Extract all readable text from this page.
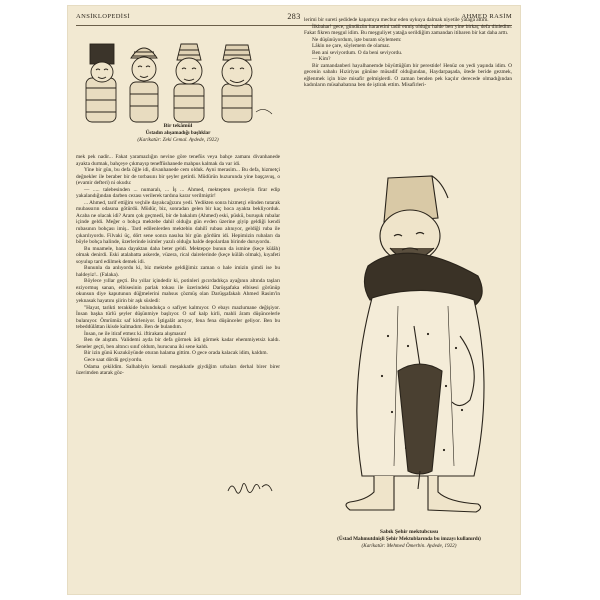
ANSİKLOPEDİSİ	283	AHMED RASİM
Bir tekâmül
Üstadın alışamadığı başlıklar
(Karikatür: Zeki Cemal. Aydede, 1922)

lerimi bir sureti şedidede kapamıya mecbur eden uykuya dalmak niyetile yatağa attım.

İlkbahar! gece, gündüzün hararetini tadil etmiş olduğu halde ben yine birkaç defa dinledim. Fakat fikren meşgul idim. Bu meşguliyet yatağa serildiğim zamandan itibaren bir kat daha arttı.

Ne düşünüyordum, işte buram söylemem:

Lâkin ne çare, söylemem de olamaz.

Ben ani seviyordum. O da beni seviyordu.

— Kim?

Bir zamandanberi hayalhanemde büyüttüğüm bir perestide! Henüz on yedi yaşında idim. O gecenin sabahı Hıziriyas gününe müsadif olduğundan, Haydarpaşada, ötede beride gezmek, eğlenmek için bize misafir gelmişlerdi. O zaman benden pek kaçılır derecede olmadığından kadınların müsahabatına ben de iştirak ettim. Misafirleri-

mek pek nadir... Fakat yaramazlığın nevine göre tenefüs veya bahçe zamanı divanhanede ayakta durmak, bahçeye çıkmayıp teneffüshanede mahpus kalmak da var idi.

Yine bir gün, bu defa öğle idi, divanhanede cem olduk. Ayni merasim... Bu defa, hizmetçi değnekler ile beraber bir de torbasını bir şeyler getirdi. Müdürün huzurunda yine başçavuş, o (evamir defteri) ni okudu:

— ..... talebesinden ... numaralı, ... İş ... Ahmed, mektepten geceleyin firar edip yakalandığından darben cezası verilerek tardına karar verilmiştir!

... Ahmed, tarif ettiğim veçhile dayakcağızını yedi. Yedikten sonra hizmetçi elinden tutarak mubassırın odasına götürdü. Müdür, biz, sonradan gelen bir kaç hoca ayakta bekliyorduk. Acaba ne olacak idi? Aram çok geçmedi, bir de bakalım (Ahmed) eski, püskü, buruşuk rubalar içinde geldi. Meğer o bohça mektebe dahil olduğu gün evden üzerine giyip geldiği kendi rubasının bohçası imiş.. Tard edilenlerden mektebin dahilî rubası alınıyor, geldiği ruba ile çıkarılıyordu. Filvaki üç, dört sene sonra nasılsa bir gün gördüm idi. Hepimizin rubaları da böyle bohça halinde, üzerlerinde isimler yazılı olduğu halde depolardan birinde duruyordu.

Bu muamele, bana dayaktan daha beter geldi. Mektepçe bunun da ismine (keçe külâh) olmak denirdi. Eski atalabatta askerde, vüzera, rical dairelerinde (keçe külâh olmak), kıyafeti soyulup tard edilmek demek idi.

Bununla da anlıyordu ki, biz mektebe geldiğimiz zaman o hale imizin şimdi ise bu haldeyiz!.. (Falaka).

Böylece yıllar geçti. Bu yıllar içindedir ki, potinleri gıcırdadıkça ayağının altında taşları eziyormuş sanan, elbisesinin parlak tokası ile üzerindeki Darüşşafaka elbisesi görünüp okunsun diye kaputunun düğmelerini mahsus çözmüş olan Darüşşafakalı Ahmed Rasim'in yeknasak hayatını şiirin bir aşk süsledi:

"Hayat, tarikti terakkide bulundukça o safiyet kalmıyor. O ebayı mazlumane değişiyor. İnsan başka türlü şeyler düşünmiye başlıyor. O saf kalp kirli, mahli âram düşüncelerle bulanıyor. Ömrümüz saf kirleniyor. İştigalât artıyor, fena fena düşünceler geliyor. Ben bu tebeddülâttan ikisde kalmadım. Ben de bulandım.

İnsan, ne ile itiraf etmez ki. iftirakata alışmasın!

Ben de alıştım. Validemi ayda bir defa görmek âdi görmek kadar ehemmiyetsiz kaldı. Seneler geçti, ben altıncı sınıf oldum, hurucuna iki sene kaldı.

Bir izin günü Kuzuköyünde oturan halama gittim. O gece orada kalacak idim, kaldım.

Gece saat dördü geçiyordu.

Odama çekildim. Salhablyin kemali meşakkatle giydiğim urbaları derhal birer birer üzerimden atarak göz-

Sabık Şehir mektubcusu
(Üstad Mahmutdnişli Şehir Mektublarında bu imzayı kullanırdı)
(Karikatür: Mehmed Ömerbin. Aydede, 1922)
